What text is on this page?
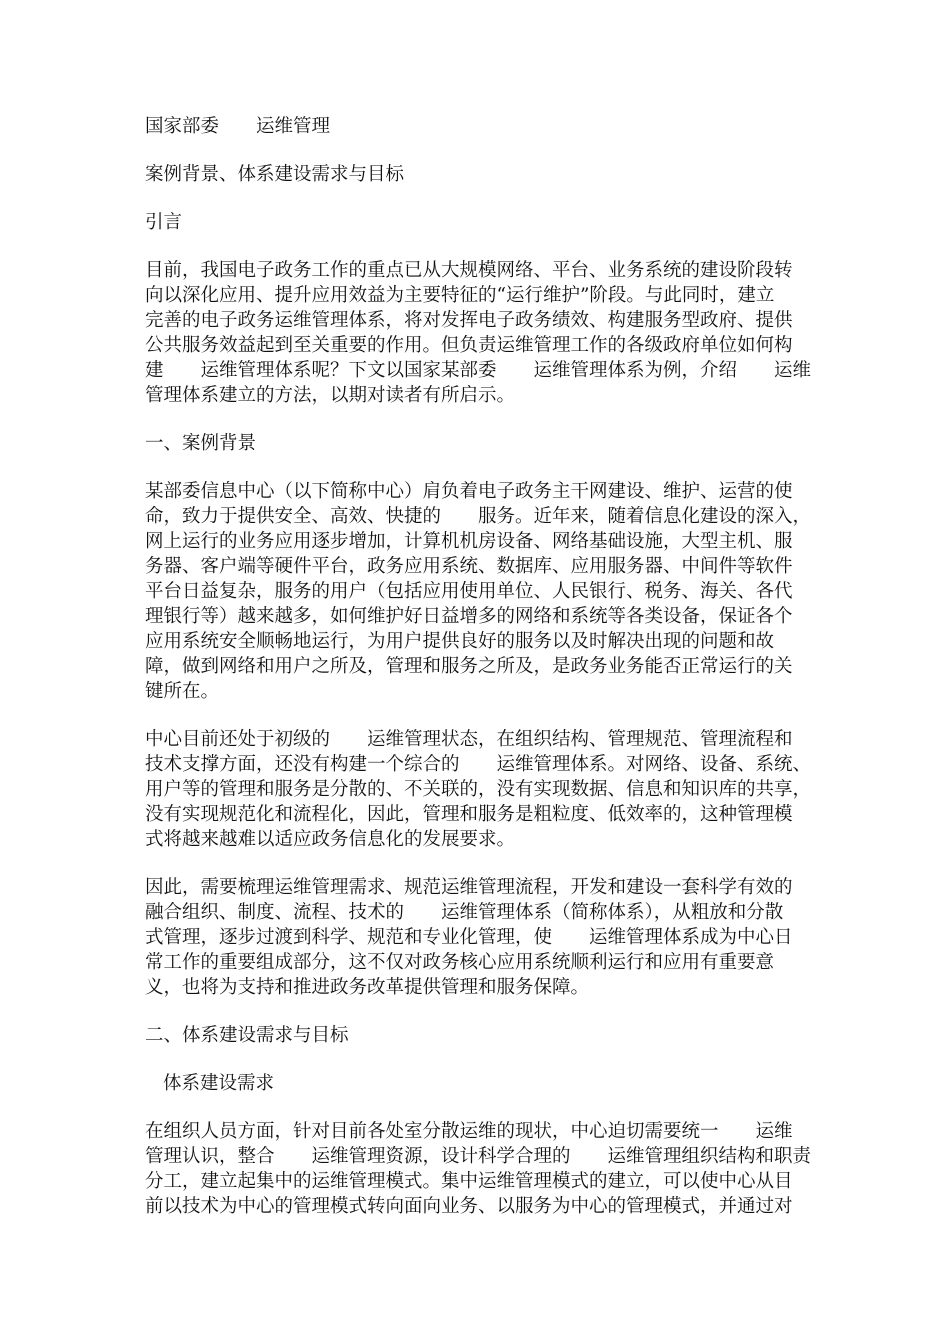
国家部委　　运维管理

案例背景、体系建设需求与目标

引言

目前，我国电子政务工作的重点已从大规模网络、平台、业务系统的建设阶段转
向以深化应用、提升应用效益为主要特征的“运行维护”阶段。与此同时，建立
完善的电子政务运维管理体系，将对发挥电子政务绩效、构建服务型政府、提供
公共服务效益起到至关重要的作用。但负责运维管理工作的各级政府单位如何构
建　　运维管理体系呢？下文以国家某部委　　运维管理体系为例，介绍　　运维
管理体系建立的方法，以期对读者有所启示。

一、案例背景

某部委信息中心（以下简称中心）肩负着电子政务主干网建设、维护、运营的使
命，致力于提供安全、高效、快捷的　　服务。近年来，随着信息化建设的深入，
网上运行的业务应用逐步增加，计算机机房设备、网络基础设施，大型主机、服
务器、客户端等硬件平台，政务应用系统、数据库、应用服务器、中间件等软件
平台日益复杂，服务的用户（包括应用使用单位、人民银行、税务、海关、各代
理银行等）越来越多，如何维护好日益增多的网络和系统等各类设备，保证各个
应用系统安全顺畅地运行，为用户提供良好的服务以及时解决出现的问题和故
障，做到网络和用户之所及，管理和服务之所及，是政务业务能否正常运行的关
键所在。

中心目前还处于初级的　　运维管理状态，在组织结构、管理规范、管理流程和
技术支撑方面，还没有构建一个综合的　　运维管理体系。对网络、设备、系统、
用户等的管理和服务是分散的、不关联的，没有实现数据、信息和知识库的共享，
没有实现规范化和流程化，因此，管理和服务是粗粒度、低效率的，这种管理模
式将越来越难以适应政务信息化的发展要求。

因此，需要梳理运维管理需求、规范运维管理流程，开发和建设一套科学有效的
融合组织、制度、流程、技术的　　运维管理体系（简称体系），从粗放和分散
式管理，逐步过渡到科学、规范和专业化管理，使　　运维管理体系成为中心日
常工作的重要组成部分，这不仅对政务核心应用系统顺利运行和应用有重要意
义，也将为支持和推进政务改革提供管理和服务保障。

二、体系建设需求与目标

体系建设需求

在组织人员方面，针对目前各处室分散运维的现状，中心迫切需要统一　　运维
管理认识，整合　　运维管理资源，设计科学合理的　　运维管理组织结构和职责
分工，建立起集中的运维管理模式。集中运维管理模式的建立，可以使中心从目
前以技术为中心的管理模式转向面向业务、以服务为中心的管理模式，并通过对
